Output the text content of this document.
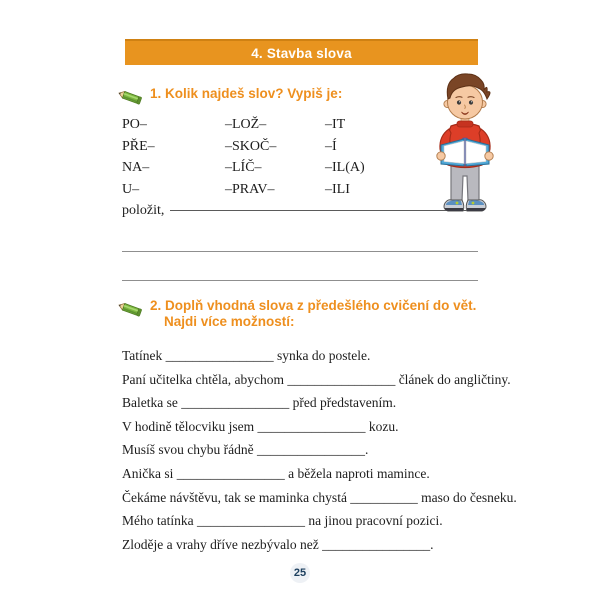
4. Stavba slova
1. Kolik najdeš slov? Vypiš je:
PO–	–LOŽ–	–IT
PŘE–	–SKOČ–	–Í
NA–	–LÍČ–	–IL(A)
U–	–PRAV–	–ILI
položit,
2. Doplň vhodná slova z předešlého cvičení do vět.
Najdi více možností:
Tatínek ________________ synka do postele.
Paní učitelka chtěla, abychom ________________ článek do angličtiny.
Baletka se ________________ před představením.
V hodině tělocviku jsem ________________ kozu.
Musíš svou chybu řádně ________________.
Anička si ________________ a běžela naproti mamince.
Čekáme návštěvu, tak se maminka chystá __________ maso do česneku.
Mého tatínka ________________ na jinou pracovní pozici.
Zloděje a vrahy dříve nezbývalo než ________________.
25
